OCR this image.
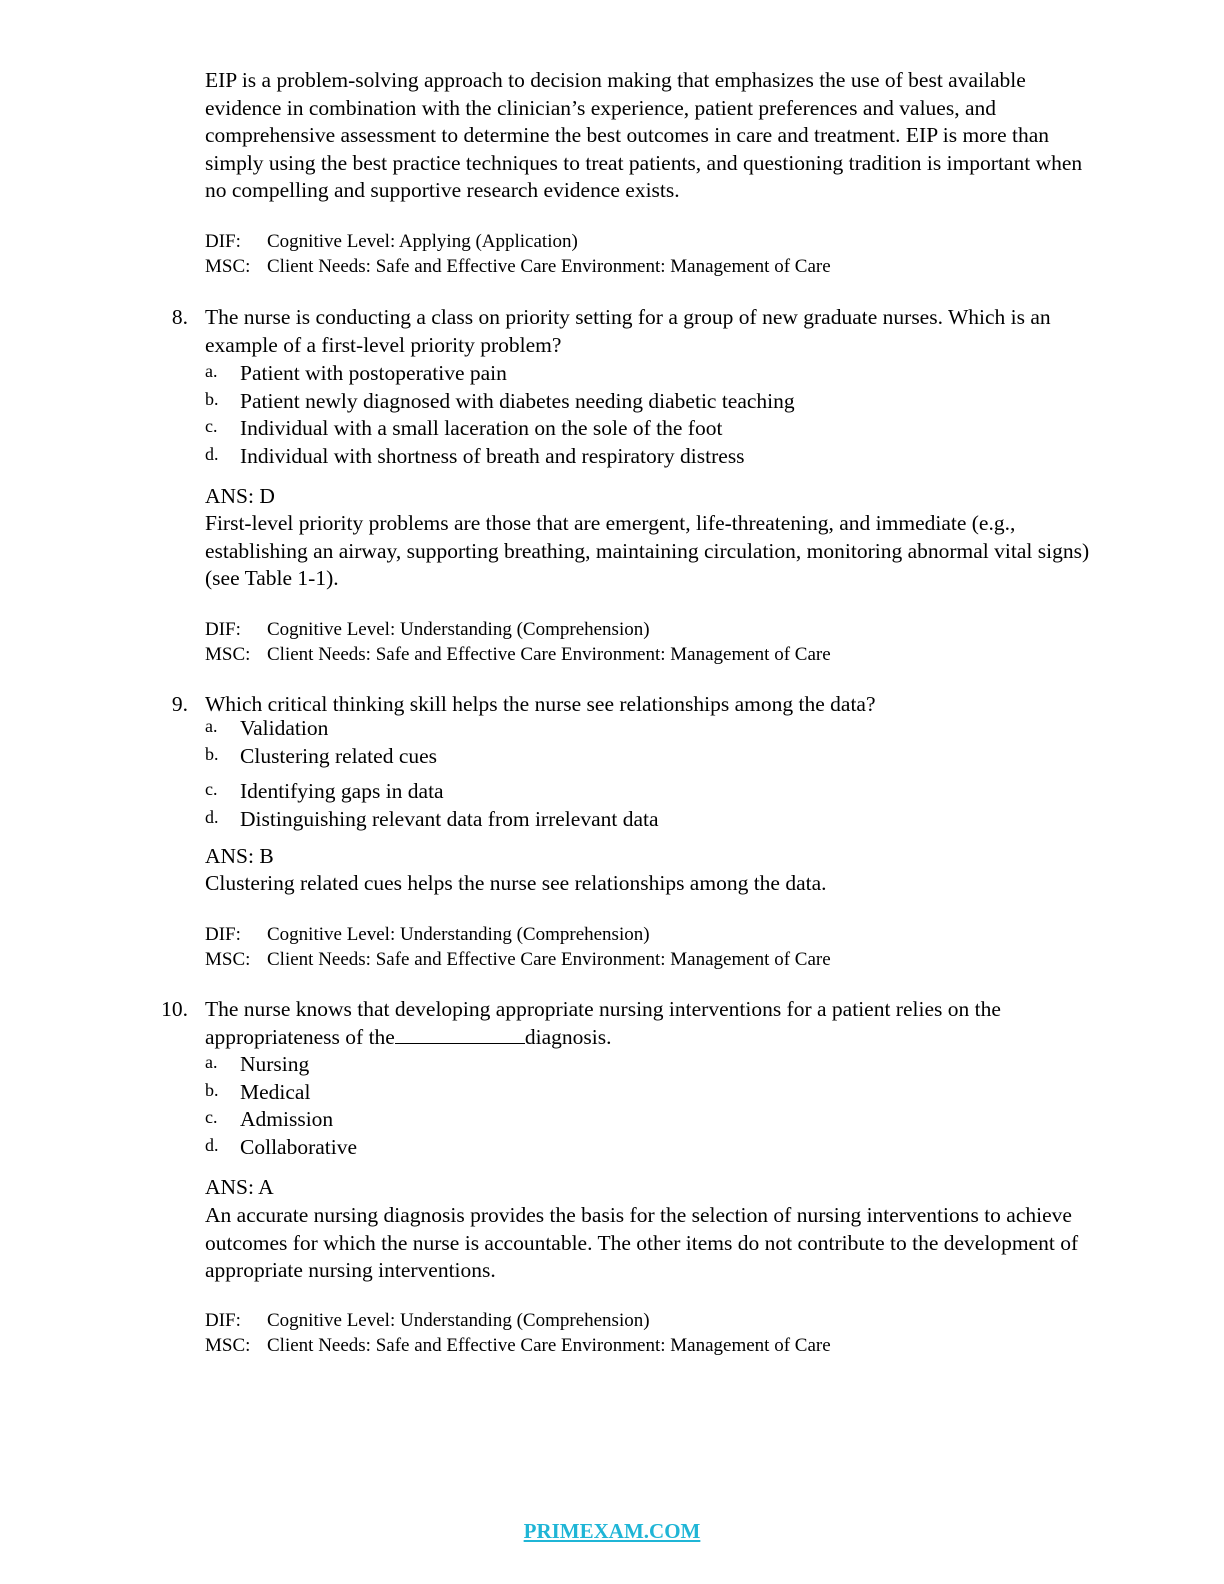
EIP is a problem-solving approach to decision making that emphasizes the use of best available evidence in combination with the clinician’s experience, patient preferences and values, and comprehensive assessment to determine the best outcomes in care and treatment. EIP is more than simply using the best practice techniques to treat patients, and questioning tradition is important when no compelling and supportive research evidence exists.

DIF: Cognitive Level: Applying (Application)
MSC: Client Needs: Safe and Effective Care Environment: Management of Care
8. The nurse is conducting a class on priority setting for a group of new graduate nurses. Which is an example of a first-level priority problem?

a.	Patient with postoperative pain
b.	Patient newly diagnosed with diabetes needing diabetic teaching
c.	Individual with a small laceration on the sole of the foot
d.	Individual with shortness of breath and respiratory distress
ANS: D

First-level priority problems are those that are emergent, life-threatening, and immediate (e.g., establishing an airway, supporting breathing, maintaining circulation, monitoring abnormal vital signs) (see Table 1-1).

DIF: Cognitive Level: Understanding (Comprehension)
MSC: Client Needs: Safe and Effective Care Environment: Management of Care
9. Which critical thinking skill helps the nurse see relationships among the data?

a.	Validation
b.	Clustering related cues
c.	Identifying gaps in data
d.	Distinguishing relevant data from irrelevant data
ANS: B

Clustering related cues helps the nurse see relationships among the data.

DIF: Cognitive Level: Understanding (Comprehension)
MSC: Client Needs: Safe and Effective Care Environment: Management of Care
10. The nurse knows that developing appropriate nursing interventions for a patient relies on the appropriateness of the	diagnosis.

a.	Nursing
b.	Medical
c.	Admission
d.	Collaborative
ANS: A

An accurate nursing diagnosis provides the basis for the selection of nursing interventions to achieve outcomes for which the nurse is accountable. The other items do not contribute to the development of appropriate nursing interventions.

DIF: Cognitive Level: Understanding (Comprehension)
MSC: Client Needs: Safe and Effective Care Environment: Management of Care
PRIMEXAM.COM
